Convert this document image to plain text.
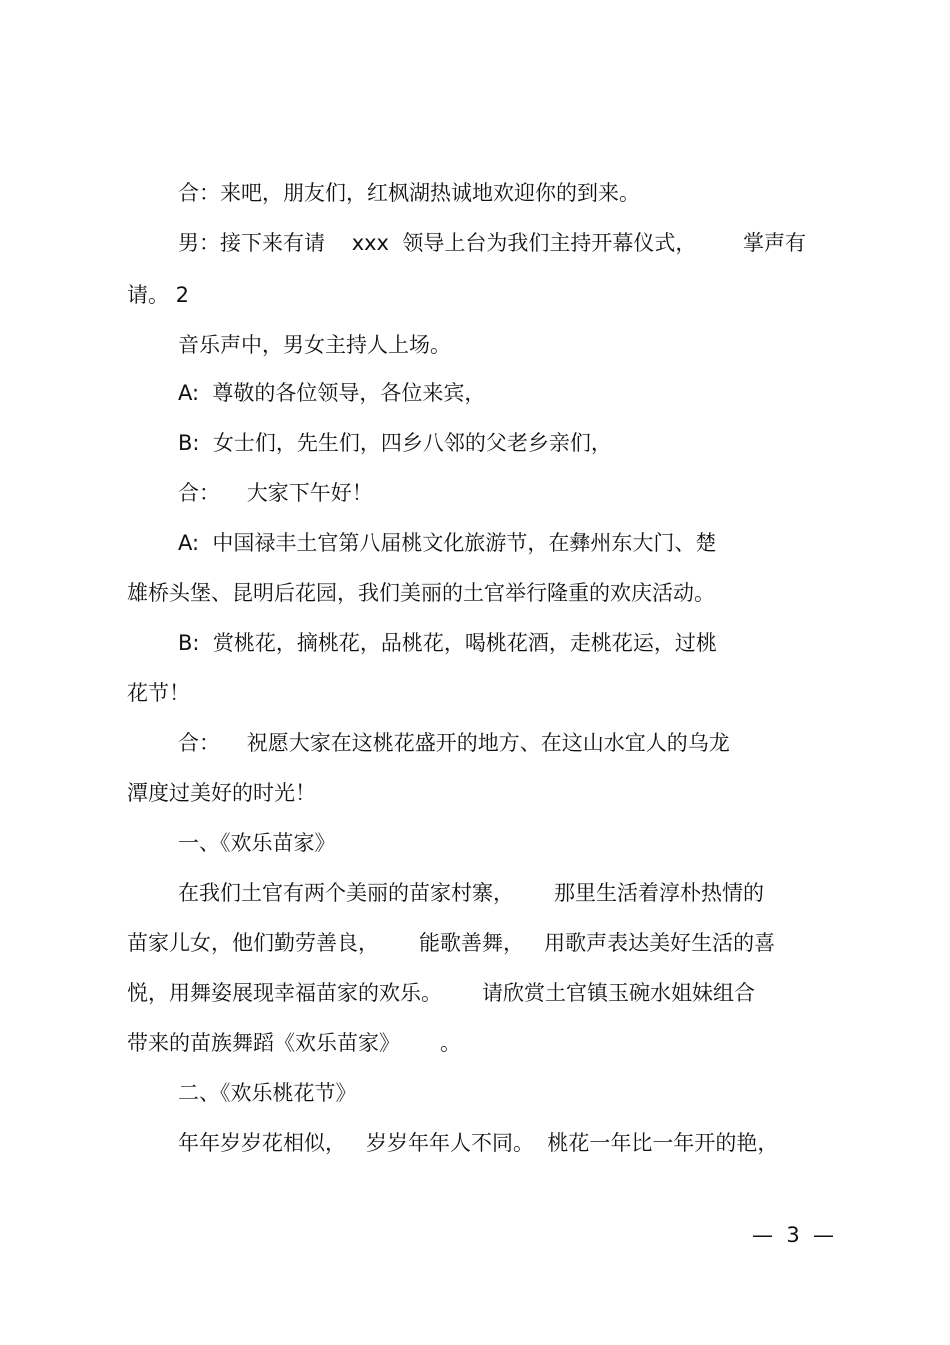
合：来吧，朋友们，红枫湖热诚地欢迎你的到来。

男：接下来有请    xxx  领导上台为我们主持开幕仪式，       掌声有

请。 2

音乐声中，男女主持人上场。

A:  尊敬的各位领导，各位来宾，

B:  女士们，先生们，四乡八邻的父老乡亲们，

合：    大家下午好！

A:  中国禄丰土官第八届桃文化旅游节，在彝州东大门、楚

雄桥头堡、昆明后花园，我们美丽的土官举行隆重的欢庆活动。

B:  赏桃花，摘桃花，品桃花，喝桃花酒，走桃花运，过桃

花节！

合：    祝愿大家在这桃花盛开的地方、在这山水宜人的乌龙

潭度过美好的时光！

一、《欢乐苗家》

在我们土官有两个美丽的苗家村寨，      那里生活着淳朴热情的

苗家儿女，他们勤劳善良，      能歌善舞，   用歌声表达美好生活的喜

悦，用舞姿展现幸福苗家的欢乐。      请欣赏土官镇玉碗水姐妹组合

带来的苗族舞蹈《欢乐苗家》      。

二、《欢乐桃花节》

年年岁岁花相似，   岁岁年年人不同。  桃花一年比一年开的艳，

—  3  —
